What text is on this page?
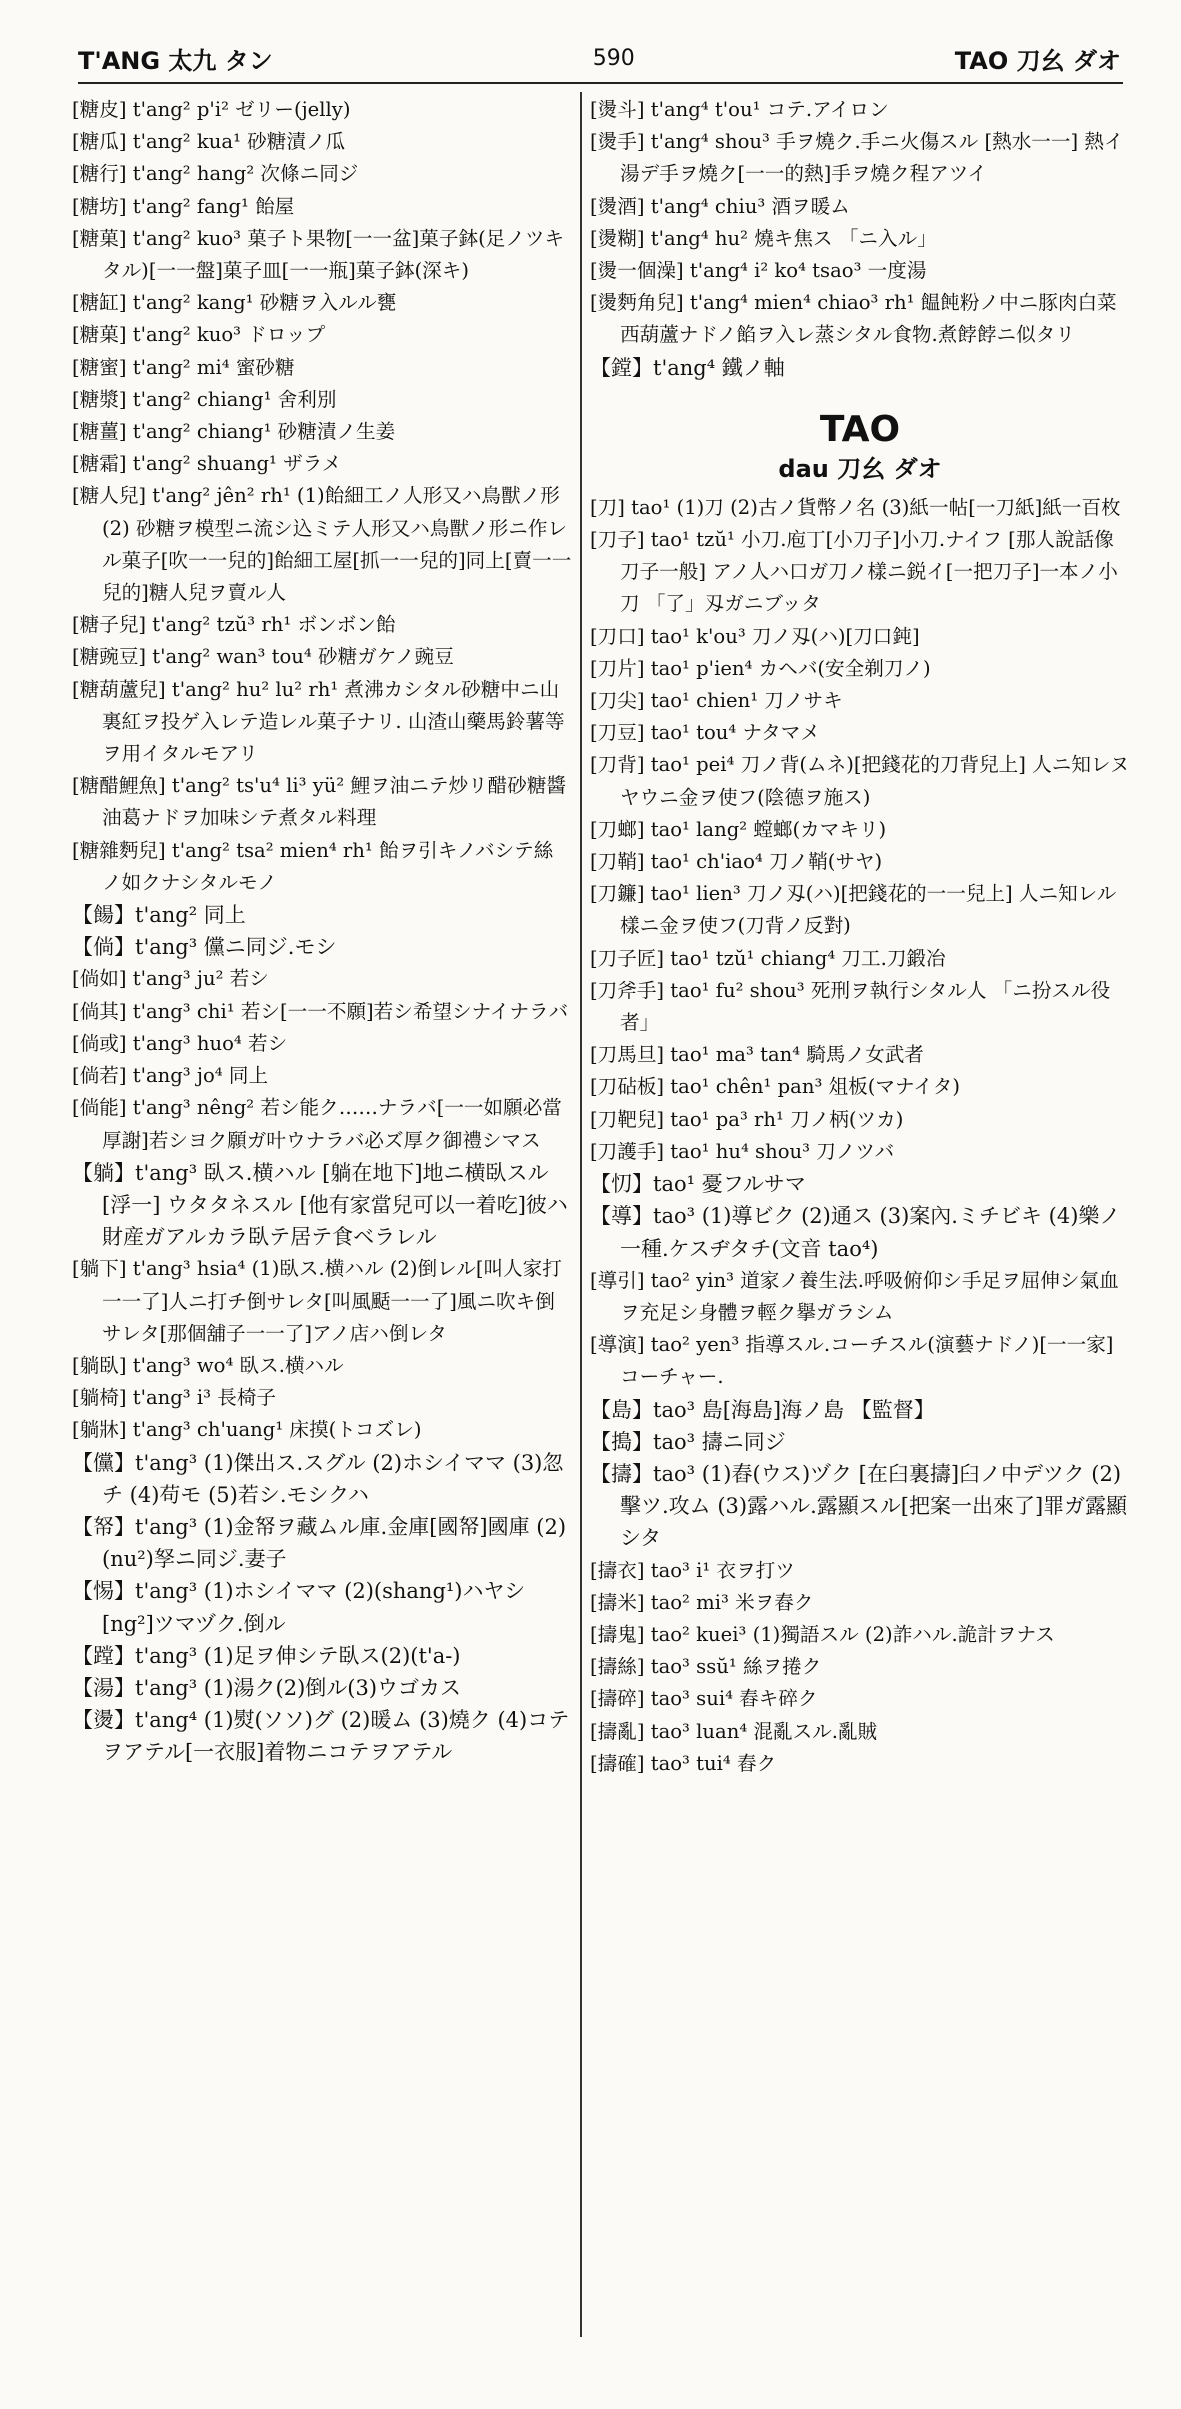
T'ANG 太九 タン	590	TAO 刀幺 ダオ

[糖皮] t'ang² p'i² ゼリー(jelly)

[糖瓜] t'ang² kua¹ 砂糖漬ノ瓜

[糖行] t'ang² hang² 次條ニ同ジ

[糖坊] t'ang² fang¹ 飴屋

[糖菓] t'ang² kuo³ 菓子ト果物[一一盆]菓子鉢(足ノツキタル)[一一盤]菓子皿[一一瓶]菓子鉢(深キ)

[糖缸] t'ang² kang¹ 砂糖ヲ入ルル甕

[糖菓] t'ang² kuo³ ドロップ

[糖蜜] t'ang² mi⁴ 蜜砂糖

[糖漿] t'ang² chiang¹ 舍利別

[糖薑] t'ang² chiang¹ 砂糖漬ノ生姜

[糖霜] t'ang² shuang¹ ザラメ

[糖人兒] t'ang² jên² rh¹ (1)飴細工ノ人形又ハ鳥獸ノ形 (2) 砂糖ヲ模型ニ流シ込ミテ人形又ハ鳥獸ノ形ニ作レル菓子[吹一一兒的]飴細工屋[抓一一兒的]同上[賣一一兒的]糖人兒ヲ賣ル人

[糖子兒] t'ang² tzŭ³ rh¹ ボンボン飴

[糖豌豆] t'ang² wan³ tou⁴ 砂糖ガケノ豌豆

[糖葫蘆兒] t'ang² hu² lu² rh¹ 煮沸カシタル砂糖中ニ山裏紅ヲ投ゲ入レテ造レル菓子ナリ. 山渣山藥馬鈴薯等ヲ用イタルモアリ

[糖醋鯉魚] t'ang² ts'u⁴ li³ yü² 鯉ヲ油ニテ炒リ醋砂糖醬油葛ナドヲ加味シテ煮タル料理

[糖雜麪兒] t'ang² tsa² mien⁴ rh¹ 飴ヲ引キノバシテ絲ノ如クナシタルモノ

【餳】t'ang² 同上

【倘】t'ang³ 儻ニ同ジ.モシ

[倘如] t'ang³ ju² 若シ

[倘其] t'ang³ chi¹ 若シ[一一不願]若シ希望シナイナラバ

[倘或] t'ang³ huo⁴ 若シ

[倘若] t'ang³ jo⁴ 同上

[倘能] t'ang³ nêng² 若シ能ク……ナラバ[一一如願必當厚謝]若シヨク願ガ叶ウナラバ必ズ厚ク御禮シマス

【躺】t'ang³ 臥ス.横ハル [躺在地下]地ニ横臥スル [浮一] ウタタネスル [他有家當兒可以一着吃]彼ハ財産ガアルカラ臥テ居テ食ベラレル

[躺下] t'ang³ hsia⁴ (1)臥ス.横ハル (2)倒レル[叫人家打一一了]人ニ打チ倒サレタ[叫風颳一一了]風ニ吹キ倒サレタ[那個舖子一一了]アノ店ハ倒レタ

[躺臥] t'ang³ wo⁴ 臥ス.横ハル

[躺椅] t'ang³ i³ 長椅子

[躺牀] t'ang³ ch'uang¹ 床摸(トコズレ)

【儻】t'ang³ (1)傑出ス.スグル (2)ホシイママ (3)忽チ (4)苟モ (5)若シ.モシクハ

【帑】t'ang³ (1)金帑ヲ藏ムル庫.金庫[國帑]國庫 (2)(nu²)孥ニ同ジ.妻子

【惕】t'ang³ (1)ホシイママ (2)(shang¹)ハヤシ [ng²]ツマヅク.倒ル

【蹚】t'ang³ (1)足ヲ伸シテ臥ス(2)(t'a-)

【湯】t'ang³ (1)湯ク(2)倒ル(3)ウゴカス

【燙】t'ang⁴ (1)熨(ソソ)グ (2)暖ム (3)燒ク (4)コテヲアテル[一衣服]着物ニコテヲアテル

[燙斗] t'ang⁴ t'ou¹ コテ.アイロン

[燙手] t'ang⁴ shou³ 手ヲ燒ク.手ニ火傷スル [熱水一一] 熱イ湯デ手ヲ燒ク[一一的熱]手ヲ燒ク程アツイ

[燙酒] t'ang⁴ chiu³ 酒ヲ暖ム

[燙糊] t'ang⁴ hu² 燒キ焦ス 「ニ入ル」

[燙一個澡] t'ang⁴ i² ko⁴ tsao³ 一度湯

[燙麪角兒] t'ang⁴ mien⁴ chiao³ rh¹ 饂飩粉ノ中ニ豚肉白菜西葫蘆ナドノ餡ヲ入レ蒸シタル食物.煮餑餑ニ似タリ

【鏜】t'ang⁴ 鐵ノ軸

TAO
dau 刀幺 ダオ

[刀] tao¹ (1)刀 (2)古ノ貨幣ノ名 (3)紙一帖[一刀紙]紙一百枚

[刀子] tao¹ tzŭ¹ 小刀.庖丁[小刀子]小刀.ナイフ [那人說話像刀子一般] アノ人ハ口ガ刀ノ樣ニ鋭イ[一把刀子]一本ノ小刀 「了」刄ガニブッタ

[刀口] tao¹ k'ou³ 刀ノ刄(ハ)[刀口鈍]

[刀片] tao¹ p'ien⁴ カヘバ(安全剃刀ノ)

[刀尖] tao¹ chien¹ 刀ノサキ

[刀豆] tao¹ tou⁴ ナタマメ

[刀背] tao¹ pei⁴ 刀ノ背(ムネ)[把錢花的刀背兒上] 人ニ知レヌヤウニ金ヲ使フ(陰德ヲ施ス)

[刀螂] tao¹ lang² 螳螂(カマキリ)

[刀鞘] tao¹ ch'iao⁴ 刀ノ鞘(サヤ)

[刀鐮] tao¹ lien³ 刀ノ刄(ハ)[把錢花的一一兒上] 人ニ知レル樣ニ金ヲ使フ(刀背ノ反對)

[刀子匠] tao¹ tzŭ¹ chiang⁴ 刀工.刀鍛冶

[刀斧手] tao¹ fu² shou³ 死刑ヲ執行シタル人 「ニ扮スル役者」

[刀馬旦] tao¹ ma³ tan⁴ 騎馬ノ女武者

[刀砧板] tao¹ chên¹ pan³ 俎板(マナイタ)

[刀靶兒] tao¹ pa³ rh¹ 刀ノ柄(ツカ)

[刀護手] tao¹ hu⁴ shou³ 刀ノツバ

【忉】tao¹ 憂フルサマ

【導】tao³ (1)導ビク (2)通ス (3)案內.ミチビキ (4)樂ノ一種.ケスヂタチ(文音 tao⁴)

[導引] tao² yin³ 道家ノ養生法.呼吸俯仰シ手足ヲ屈伸シ氣血ヲ充足シ身體ヲ輕ク擧ガラシム

[導演] tao² yen³ 指導スル.コーチスル(演藝ナドノ)[一一家] コーチャー.

【島】tao³ 島[海島]海ノ島 【監督】

【搗】tao³ 擣ニ同ジ

【擣】tao³ (1)舂(ウス)ヅク [在臼裏擣]臼ノ中デツク (2)擊ツ.攻ム (3)露ハル.露顯スル[把案一出來了]罪ガ露顯シタ

[擣衣] tao³ i¹ 衣ヲ打ツ

[擣米] tao² mi³ 米ヲ舂ク

[擣鬼] tao² kuei³ (1)獨語スル (2)詐ハル.詭計ヲナス

[擣絲] tao³ ssŭ¹ 絲ヲ捲ク

[擣碎] tao³ sui⁴ 舂キ碎ク

[擣亂] tao³ luan⁴ 混亂スル.亂賊

[擣確] tao³ tui⁴ 舂ク
